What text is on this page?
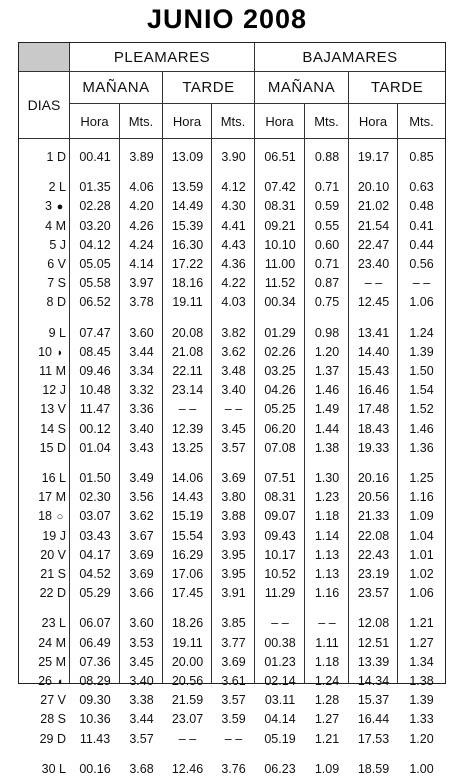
JUNIO 2008
PLEAMARES	BAJAMARES
DIAS
MAÑANA	TARDE	MAÑANA	TARDE
Hora	Mts.	Hora	Mts.	Hora	Mts.	Hora	Mts.
1 D	00.41	3.89	13.09	3.90	06.51	0.88	19.17	0.85
2 L	01.35	4.06	13.59	4.12	07.42	0.71	20.10	0.63
3 ●	02.28	4.20	14.49	4.30	08.31	0.59	21.02	0.48
4 M	03.20	4.26	15.39	4.41	09.21	0.55	21.54	0.41
5 J	04.12	4.24	16.30	4.43	10.10	0.60	22.47	0.44
6 V	05.05	4.14	17.22	4.36	11.00	0.71	23.40	0.56
7 S	05.58	3.97	18.16	4.22	11.52	0.87	– –	– –
8 D	06.52	3.78	19.11	4.03	00.34	0.75	12.45	1.06
9 L	07.47	3.60	20.08	3.82	01.29	0.98	13.41	1.24
10 ◗	08.45	3.44	21.08	3.62	02.26	1.20	14.40	1.39
11 M	09.46	3.34	22.11	3.48	03.25	1.37	15.43	1.50
12 J	10.48	3.32	23.14	3.40	04.26	1.46	16.46	1.54
13 V	11.47	3.36	– –	– –	05.25	1.49	17.48	1.52
14 S	00.12	3.40	12.39	3.45	06.20	1.44	18.43	1.46
15 D	01.04	3.43	13.25	3.57	07.08	1.38	19.33	1.36
16 L	01.50	3.49	14.06	3.69	07.51	1.30	20.16	1.25
17 M	02.30	3.56	14.43	3.80	08.31	1.23	20.56	1.16
18 ○	03.07	3.62	15.19	3.88	09.07	1.18	21.33	1.09
19 J	03.43	3.67	15.54	3.93	09.43	1.14	22.08	1.04
20 V	04.17	3.69	16.29	3.95	10.17	1.13	22.43	1.01
21 S	04.52	3.69	17.06	3.95	10.52	1.13	23.19	1.02
22 D	05.29	3.66	17.45	3.91	11.29	1.16	23.57	1.06
23 L	06.07	3.60	18.26	3.85	– –	– –	12.08	1.21
24 M	06.49	3.53	19.11	3.77	00.38	1.11	12.51	1.27
25 M	07.36	3.45	20.00	3.69	01.23	1.18	13.39	1.34
26 ◖	08.29	3.40	20.56	3.61	02.14	1.24	14.34	1.38
27 V	09.30	3.38	21.59	3.57	03.11	1.28	15.37	1.39
28 S	10.36	3.44	23.07	3.59	04.14	1.27	16.44	1.33
29 D	11.43	3.57	– –	– –	05.19	1.21	17.53	1.20
30 L	00.16	3.68	12.46	3.76	06.23	1.09	18.59	1.00
